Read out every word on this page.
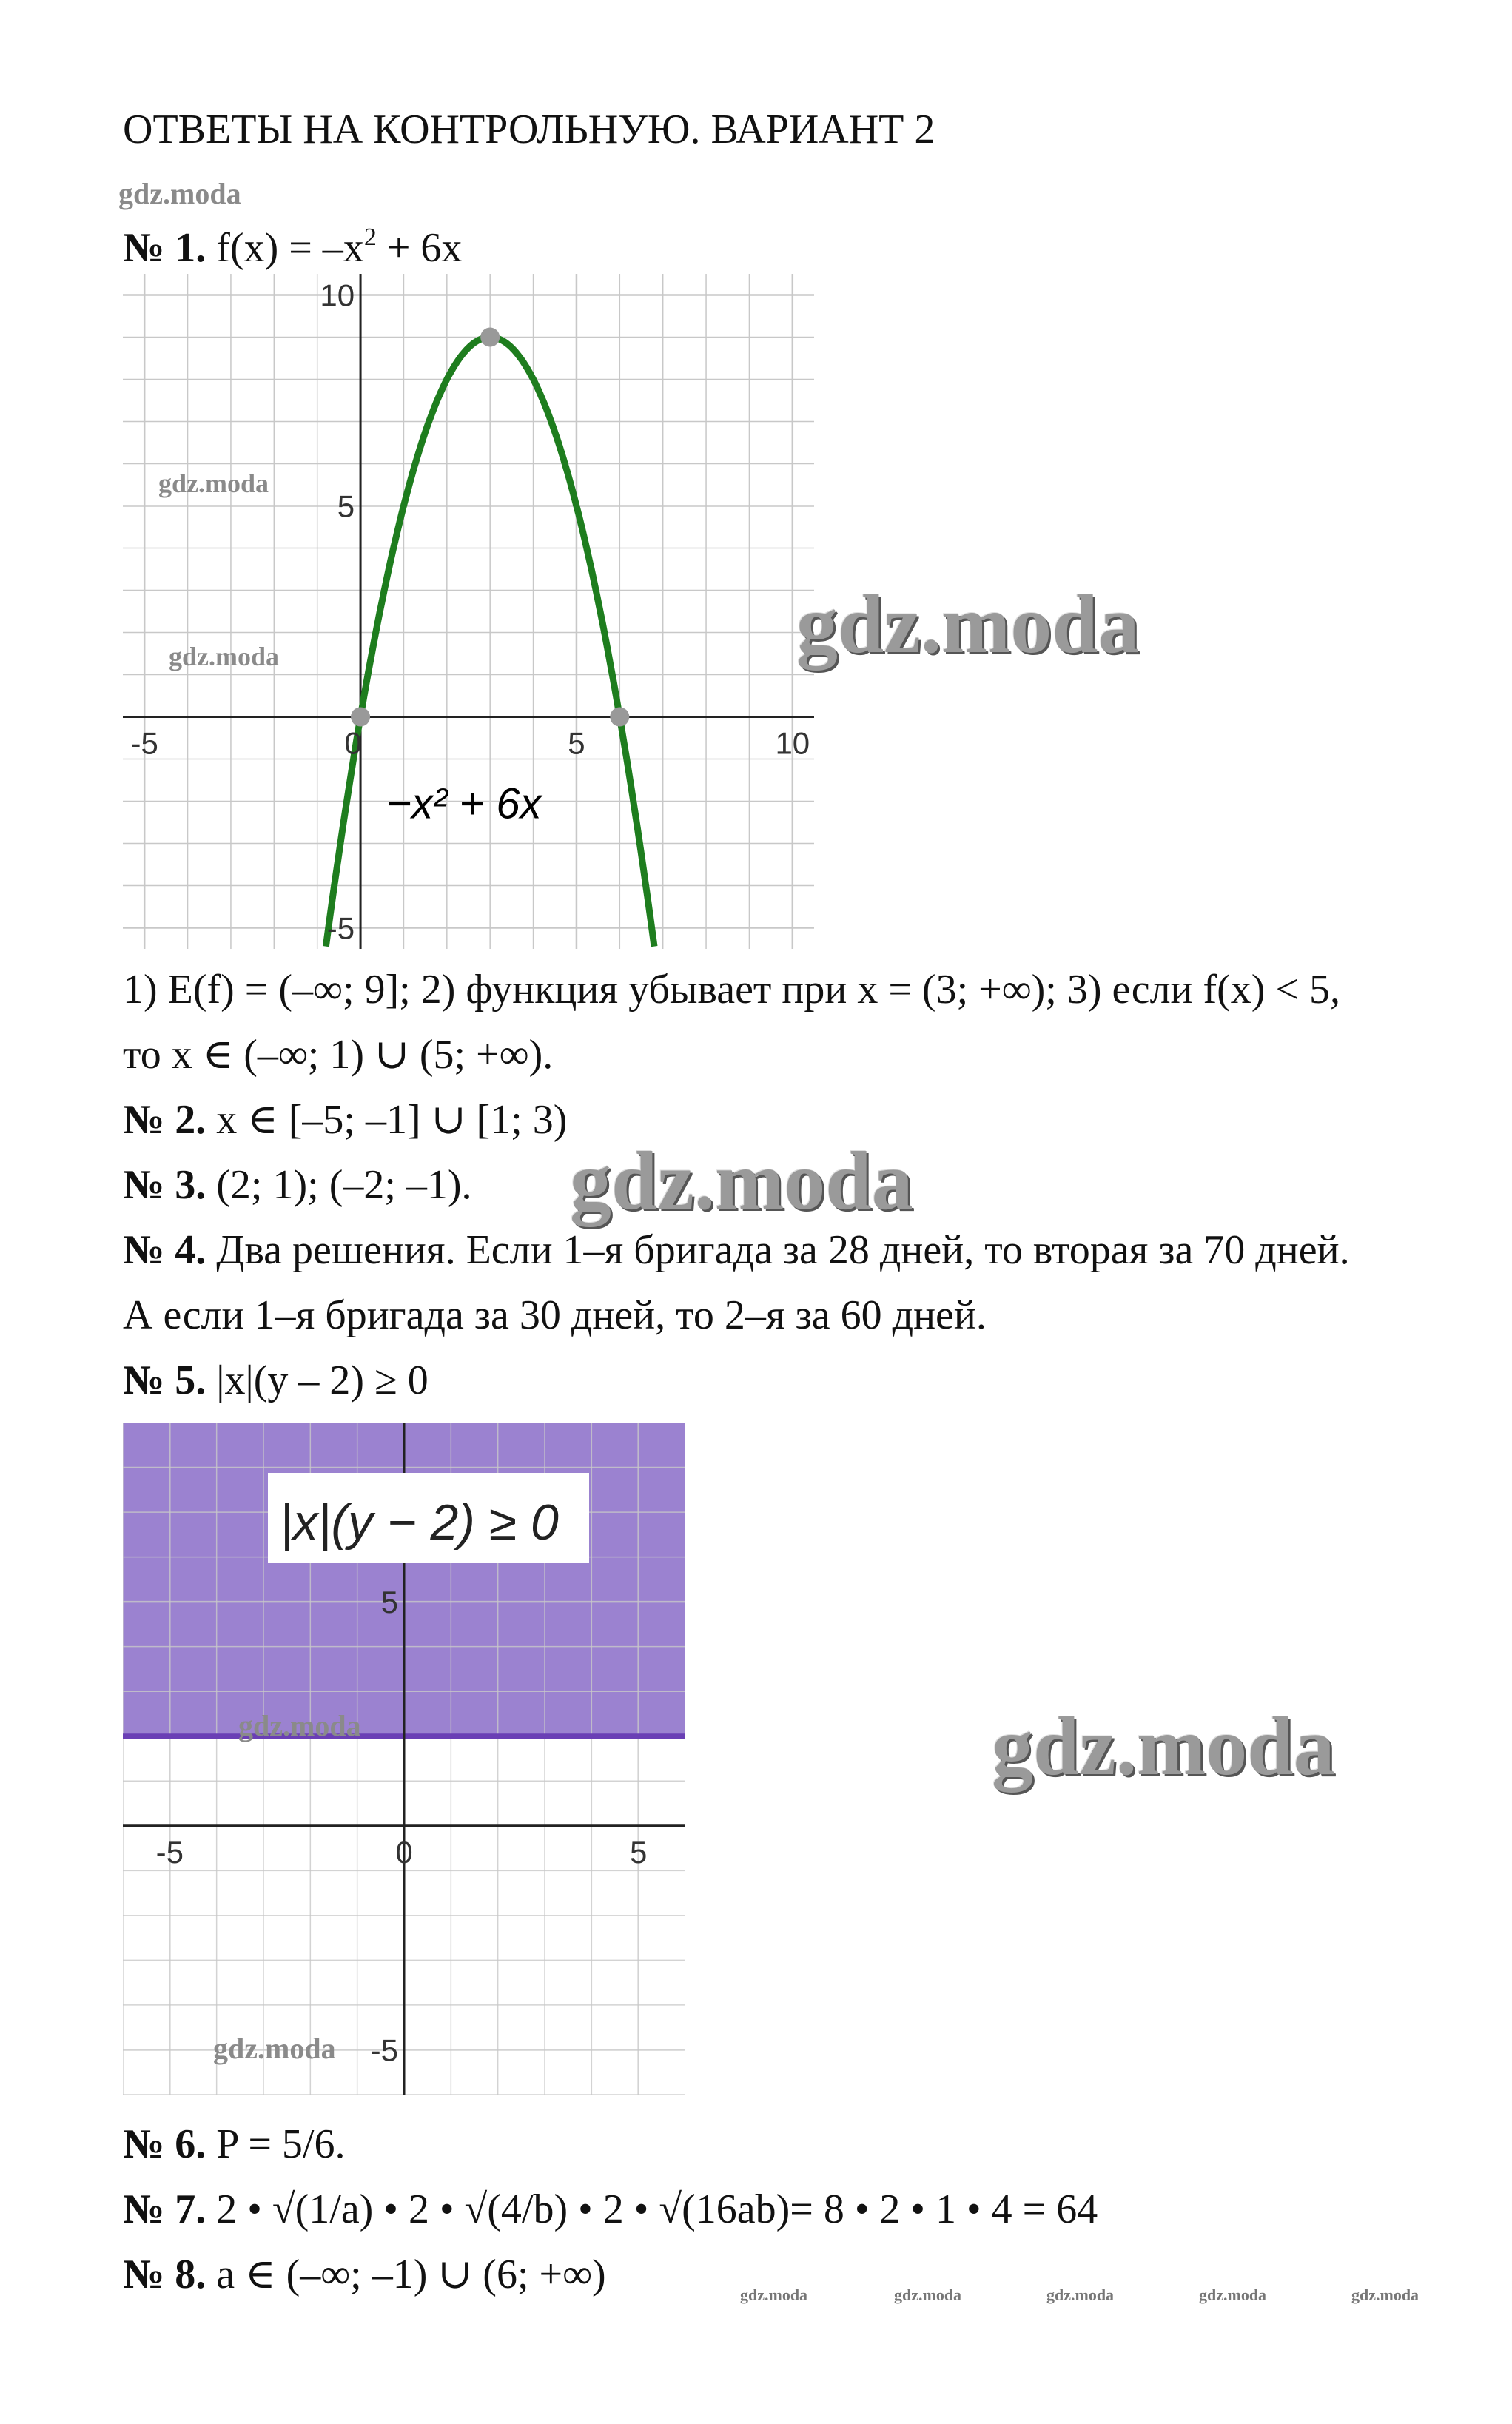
ОТВЕТЫ НА КОНТРОЛЬНУЮ. ВАРИАНТ 2
gdz.moda
№ 1. $f(x) = -x^2 + 6x$
-5	0	5	10
10
5
-5
−x² + 6x
gdz.moda
gdz.moda	gdz.moda
1) E(f) = (–∞; 9]; 2) функция убывает при x = (3; +∞); 3) если f(x) < 5,
то x ∈ (–∞; 1) ∪ (5; +∞).
№ 2. x ∈ [–5; –1] ∪ [1; 3)
№ 3. (2; 1); (–2; –1). gdz.moda
№ 4. Два решения. Если 1–я бригада за 28 дней, то вторая за 70 дней.
А если 1–я бригада за 30 дней, то 2–я за 60 дней.
№ 5. |x|(y – 2) ≥ 0
-5	0	5
5
-5
|x|(y − 2) ≥ 0
gdz.moda
gdz.moda
gdz.moda
№ 6. P = 5/6.
№ 7. 2 • √(1/a) • 2 • √(4/b) • 2 • √(16ab)= 8 • 2 • 1 • 4 = 64
№ 8. a ∈ (–∞; –1) ∪ (6; +∞)	gdz.moda	gdz.moda	gdz.moda	gdz.moda	gdz.moda
